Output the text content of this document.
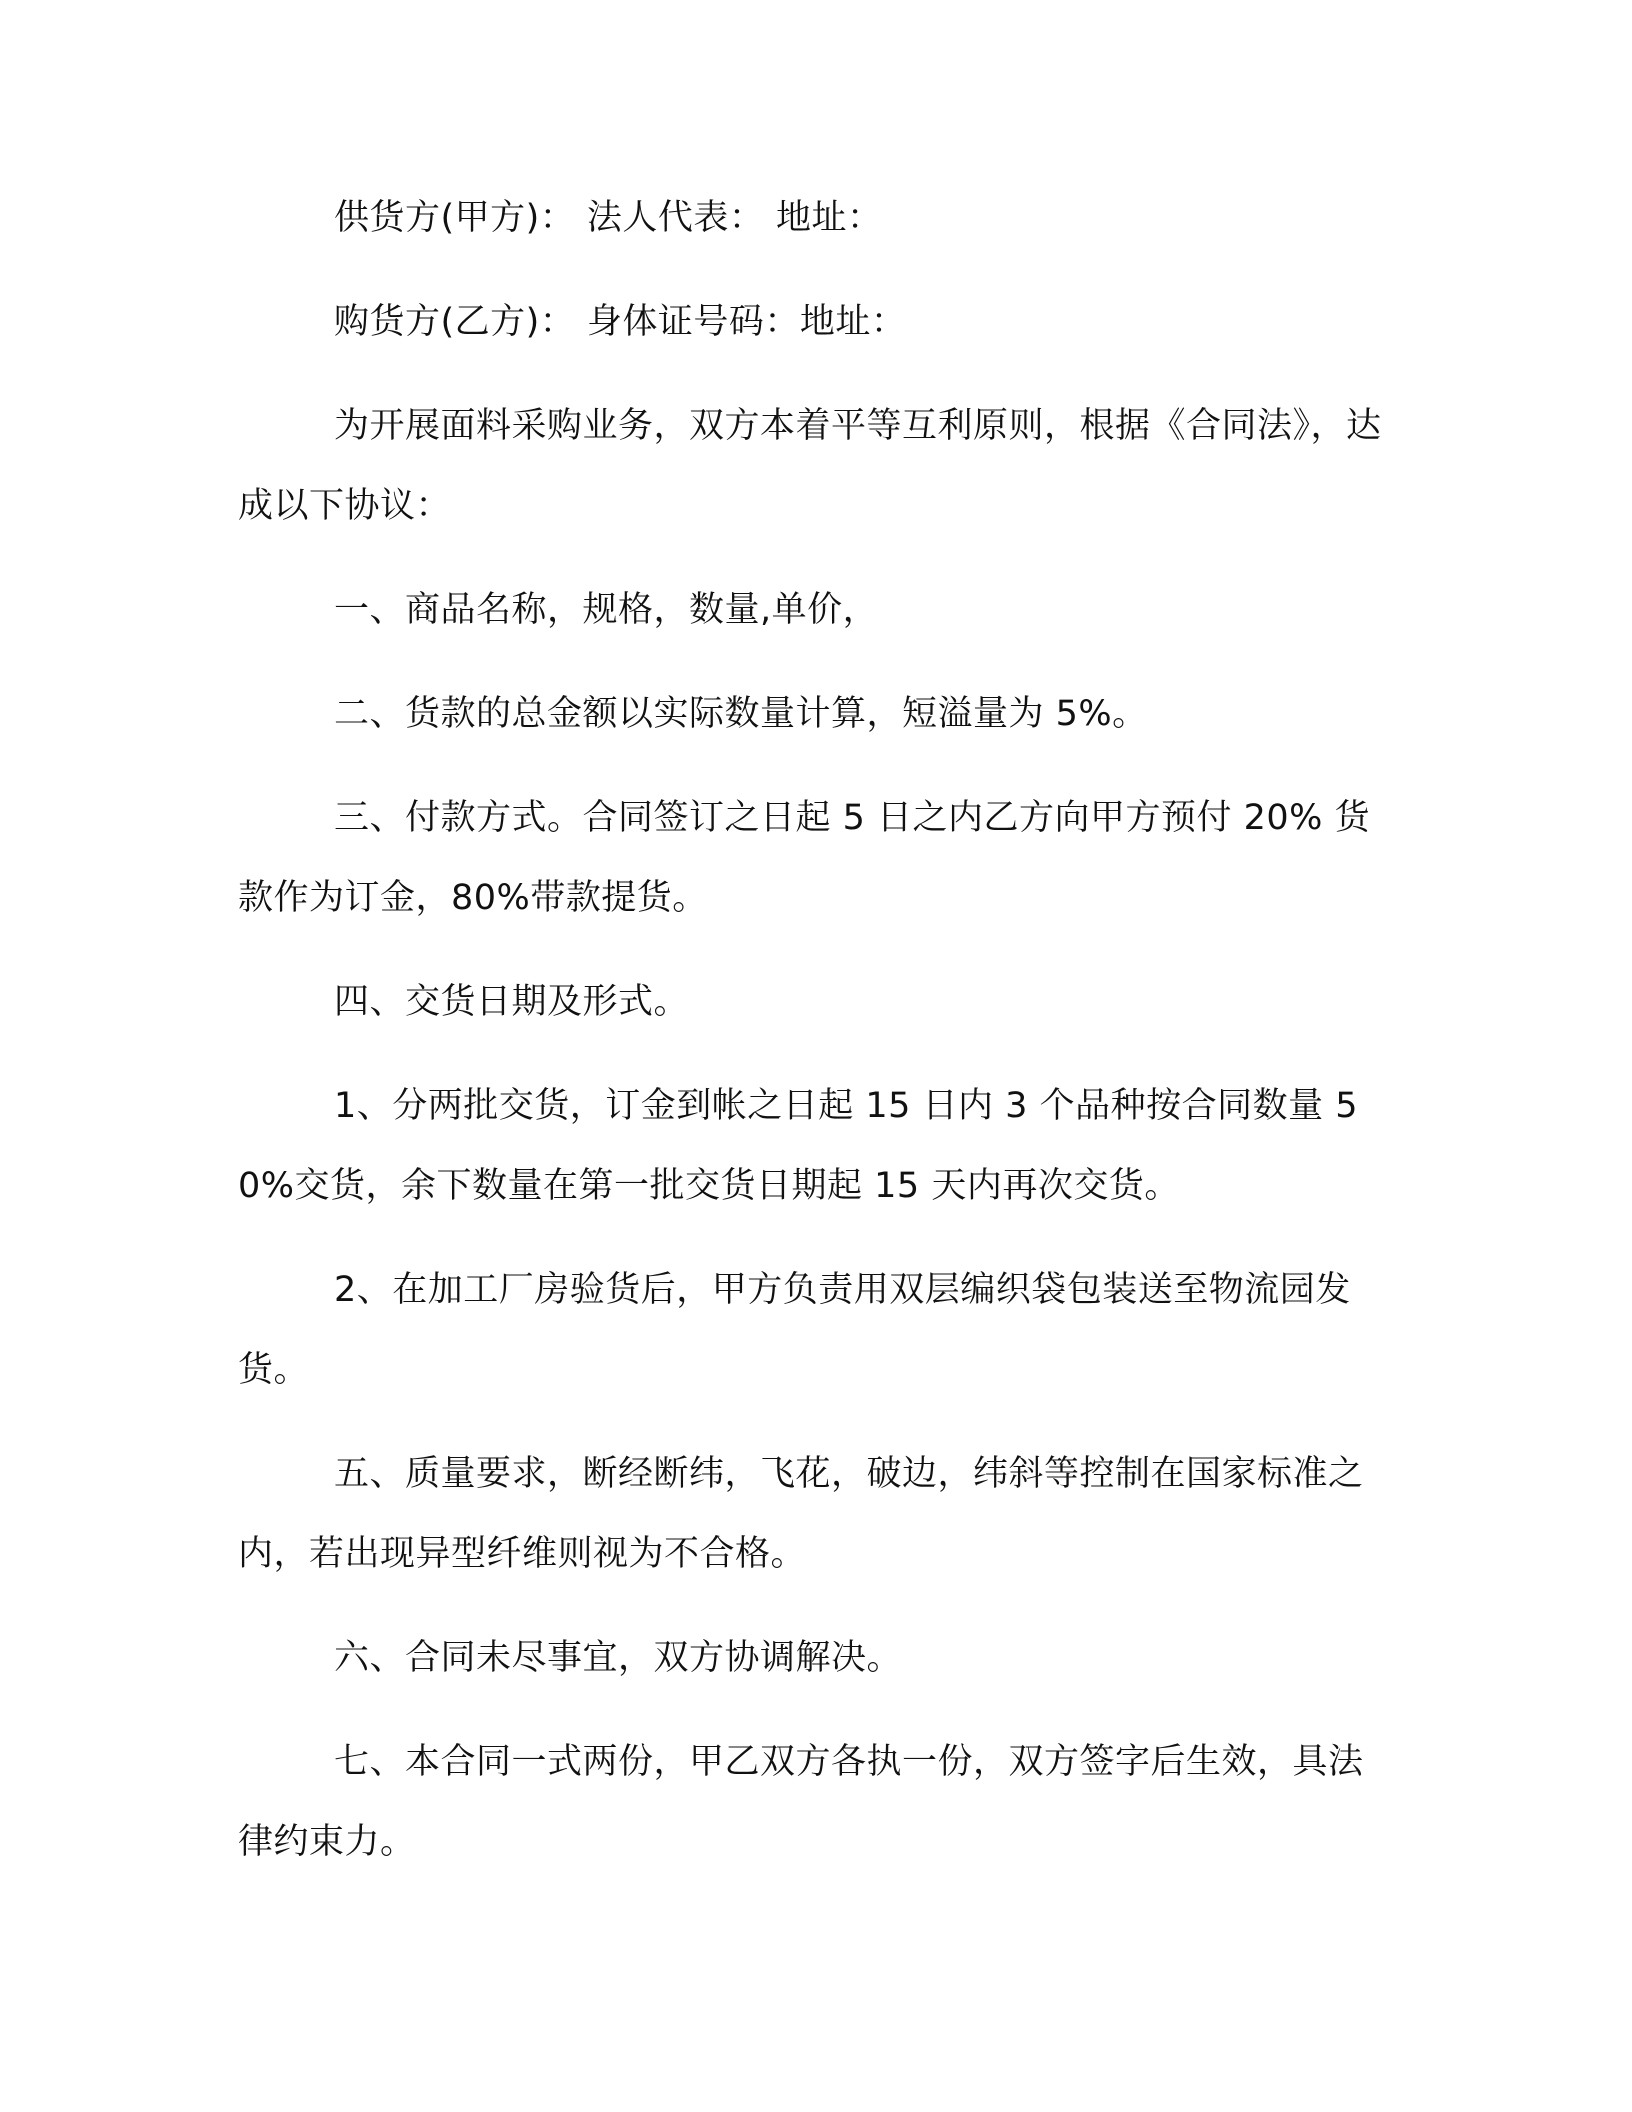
供货方(甲方)： 法人代表： 地址：

购货方(乙方)： 身体证号码：地址：

为开展面料采购业务，双方本着平等互利原则，根据《合同法》，达成以下协议：

一、商品名称，规格，数量,单价，

二、货款的总金额以实际数量计算，短溢量为 5%。

三、付款方式。合同签订之日起 5 日之内乙方向甲方预付 20% 货款作为订金，80%带款提货。

四、交货日期及形式。

1、分两批交货，订金到帐之日起 15 日内 3 个品种按合同数量 50%交货，余下数量在第一批交货日期起 15 天内再次交货。

2、在加工厂房验货后，甲方负责用双层编织袋包装送至物流园发货。

五、质量要求，断经断纬，飞花，破边，纬斜等控制在国家标准之内，若出现异型纤维则视为不合格。

六、合同未尽事宜，双方协调解决。

七、本合同一式两份，甲乙双方各执一份，双方签字后生效，具法律约束力。
